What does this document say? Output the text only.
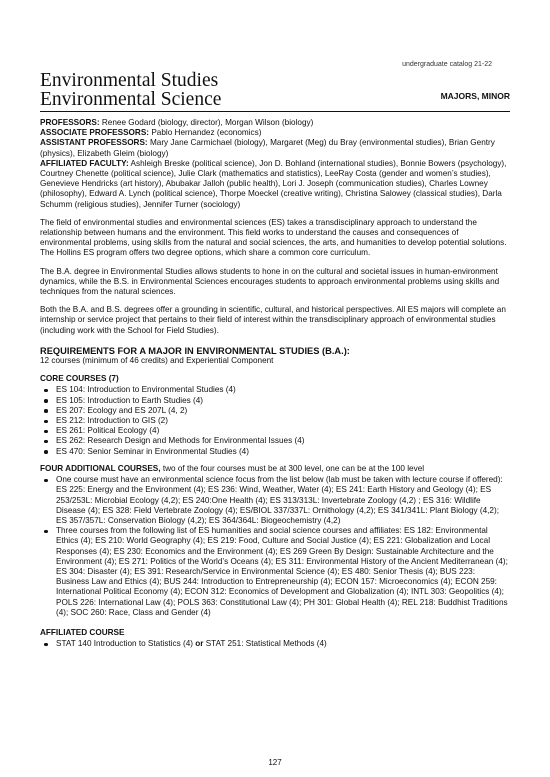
undergraduate catalog 21-22
Environmental Studies
Environmental Science	MAJORS, MINOR

PROFESSORS: Renee Godard (biology, director), Morgan Wilson (biology)

ASSOCIATE PROFESSORS: Pablo Hernandez (economics)

ASSISTANT PROFESSORS: Mary Jane Carmichael (biology), Margaret (Meg) du Bray (environmental studies), Brian Gentry (physics), Elizabeth Gleim (biology)

AFFILIATED FACULTY: Ashleigh Breske (political science), Jon D. Bohland (international studies), Bonnie Bowers (psychology), Courtney Chenette (political science), Julie Clark (mathematics and statistics), LeeRay Costa (gender and women’s studies), Genevieve Hendricks (art history), Abubakar Jalloh (public health), Lori J. Joseph (communication studies), Charles Lowney (philosophy), Edward A. Lynch (political science), Thorpe Moeckel (creative writing), Christina Salowey (classical studies), Darla Schumm (religious studies), Jennifer Turner (sociology)

The field of environmental studies and environmental sciences (ES) takes a transdisciplinary approach to understand the relationship between humans and the environment. This field works to understand the causes and consequences of environmental problems, using skills from the natural and social sciences, the arts, and humanities to develop potential solutions. The Hollins ES program offers two degree options, which share a common core curriculum.

The B.A. degree in Environmental Studies allows students to hone in on the cultural and societal issues in human-environment dynamics, while the B.S. in Environmental Sciences encourages students to approach environmental problems using skills and techniques from the natural sciences.

Both the B.A. and B.S. degrees offer a grounding in scientific, cultural, and historical perspectives. All ES majors will complete an internship or service project that pertains to their field of interest within the transdisciplinary approach of environmental studies (including work with the School for Field Studies).

REQUIREMENTS FOR A MAJOR IN ENVIRONMENTAL STUDIES (B.A.):
12 courses (minimum of 46 credits) and Experiential Component
CORE COURSES (7)
ES 104: Introduction to Environmental Studies (4)
ES 105: Introduction to Earth Studies (4)
ES 207: Ecology and ES 207L (4, 2)
ES 212: Introduction to GIS (2)
ES 261: Political Ecology (4)
ES 262: Research Design and Methods for Environmental Issues (4)
ES 470: Senior Seminar in Environmental Studies (4)
FOUR ADDITIONAL COURSES, two of the four courses must be at 300 level, one can be at the 100 level
One course must have an environmental science focus from the list below (lab must be taken with lecture course if offered): ES 225: Energy and the Environment (4); ES 236: Wind, Weather, Water (4); ES 241: Earth History and Geology (4); ES 253/253L: Microbial Ecology (4,2); ES 240:One Health (4); ES 313/313L: Invertebrate Zoology (4,2) ; ES 316: Wildlife Disease (4); ES 328: Field Vertebrate Zoology (4); ES/BIOL 337/337L: Ornithology (4,2); ES 341/341L: Plant Biology (4,2); ES 357/357L: Conservation Biology (4,2); ES 364/364L: Biogeochemistry (4,2)
Three courses from the following list of ES humanities and social science courses and affiliates: ES 182: Environmental Ethics (4); ES 210: World Geography (4); ES 219: Food, Culture and Social Justice (4); ES 221: Globalization and Local Responses (4); ES 230: Economics and the Environment (4); ES 269 Green By Design: Sustainable Architecture and the Environment (4); ES 271: Politics of the World’s Oceans (4); ES 311: Environmental History of the Ancient Mediterranean (4); ES 304: Disaster (4); ES 391: Research/Service in Environmental Science (4); ES 480: Senior Thesis (4); BUS 223: Business Law and Ethics (4); BUS 244: Introduction to Entrepreneurship (4); ECON 157: Microeconomics (4); ECON 259: International Political Economy (4); ECON 312: Economics of Development and Globalization (4); INTL 303: Geopolitics (4); POLS 226: International Law (4); POLS 363: Constitutional Law (4); PH 301: Global Health (4); REL 218: Buddhist Traditions (4); SOC 260: Race, Class and Gender (4)
AFFILIATED COURSE
STAT 140 Introduction to Statistics (4) or STAT 251: Statistical Methods (4)
127
